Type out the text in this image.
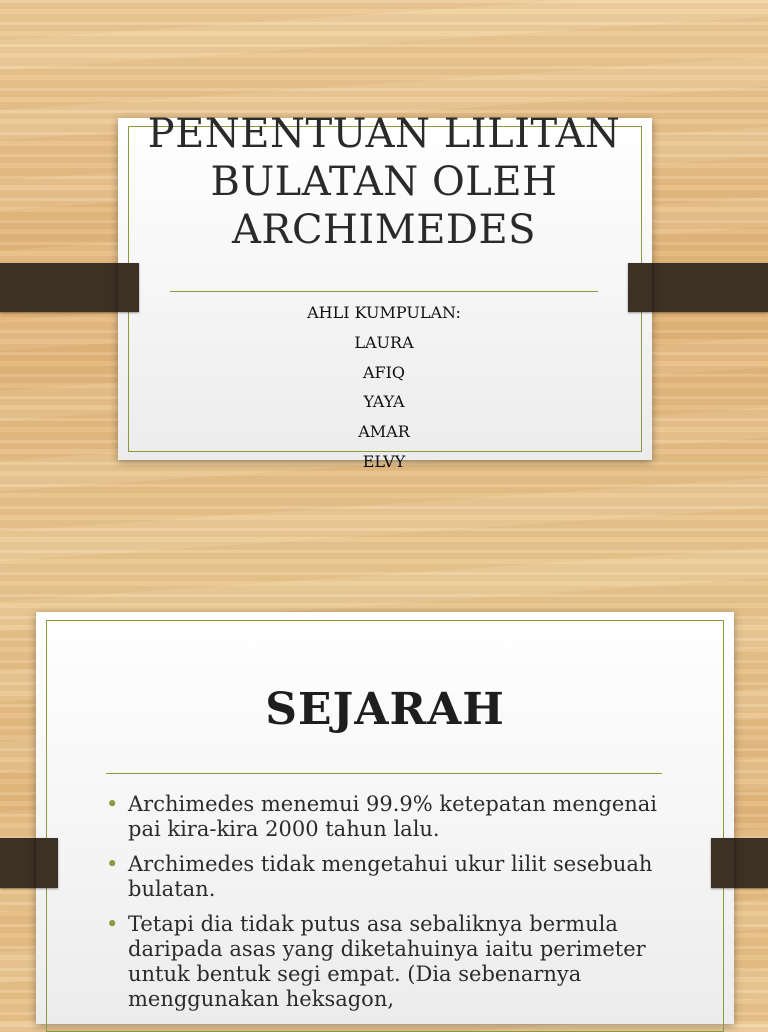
PENENTUAN LILITAN
BULATAN OLEH
ARCHIMEDES
AHLI KUMPULAN:
LAURA
AFIQ
YAYA
AMAR
ELVY
SEJARAH
• Archimedes menemui 99.9% ketepatan mengenai pai kira-kira 2000 tahun lalu.
• Archimedes tidak mengetahui ukur lilit sesebuah bulatan.
• Tetapi dia tidak putus asa sebaliknya bermula daripada asas yang diketahuinya iaitu perimeter untuk bentuk segi empat. (Dia sebenarnya menggunakan heksagon,
